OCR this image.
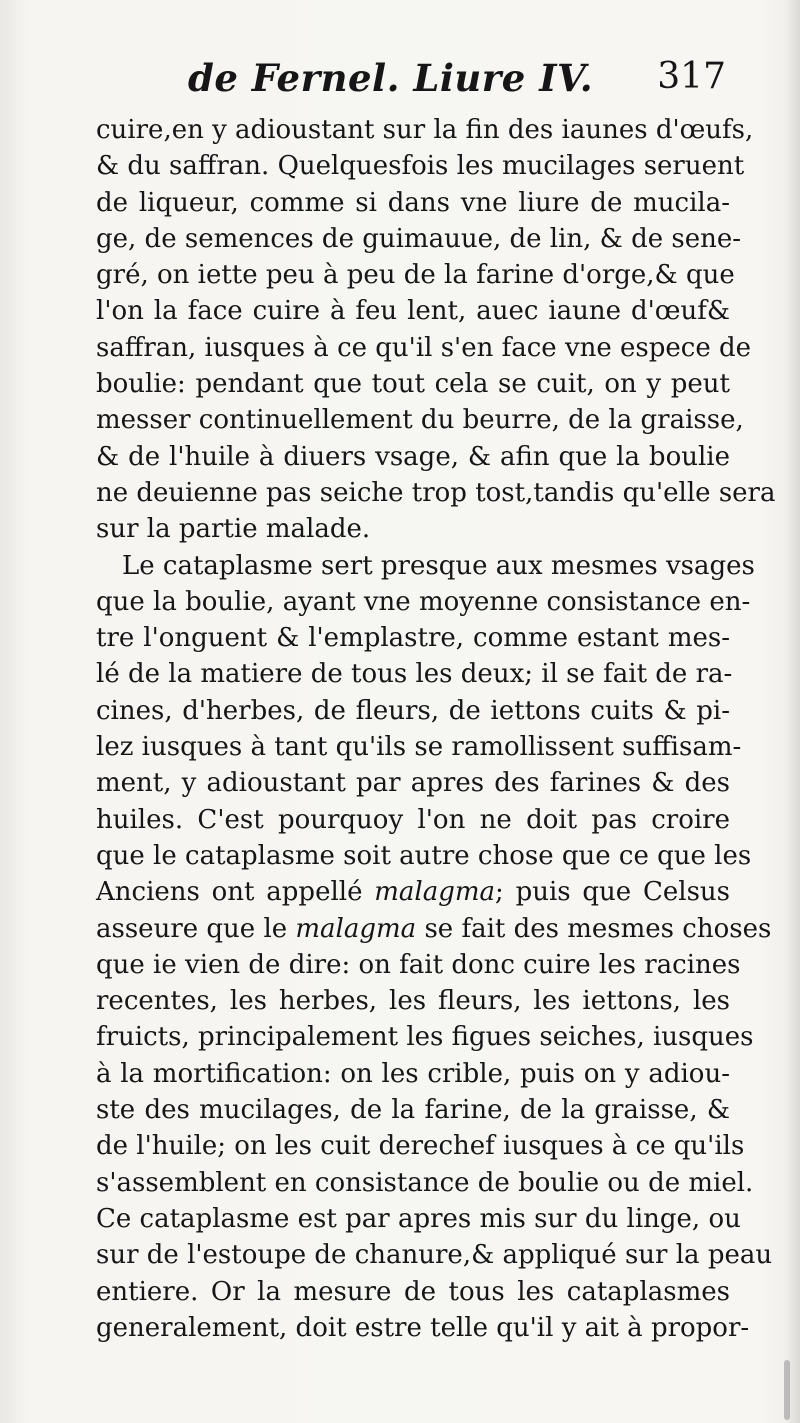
de Fernel. Liure IV. 317
cuire,en y adioustant sur la fin des iaunes d'œufs,
& du saffran. Quelquesfois les mucilages seruent
de liqueur, comme si dans vne liure de mucila-
ge, de semences de guimauue, de lin, & de sene-
gré, on iette peu à peu de la farine d'orge,& que
l'on la face cuire à feu lent, auec iaune d'œuf&
saffran, iusques à ce qu'il s'en face vne espece de
boulie: pendant que tout cela se cuit, on y peut
messer continuellement du beurre, de la graisse,
& de l'huile à diuers vsage, & afin que la boulie
ne deuienne pas seiche trop tost,tandis qu'elle sera
sur la partie malade.
Le cataplasme sert presque aux mesmes vsages
que la boulie, ayant vne moyenne consistance en-
tre l'onguent & l'emplastre, comme estant mes-
lé de la matiere de tous les deux; il se fait de ra-
cines, d'herbes, de fleurs, de iettons cuits & pi-
lez iusques à tant qu'ils se ramollissent suffisam-
ment, y adioustant par apres des farines & des
huiles. C'est pourquoy l'on ne doit pas croire
que le cataplasme soit autre chose que ce que les
Anciens ont appellé malagma; puis que Celsus
asseure que le malagma se fait des mesmes choses
que ie vien de dire: on fait donc cuire les racines
recentes, les herbes, les fleurs, les iettons, les
fruicts, principalement les figues seiches, iusques
à la mortification: on les crible, puis on y adiou-
ste des mucilages, de la farine, de la graisse, &
de l'huile; on les cuit derechef iusques à ce qu'ils
s'assemblent en consistance de boulie ou de miel.
Ce cataplasme est par apres mis sur du linge, ou
sur de l'estoupe de chanure,& appliqué sur la peau
entiere. Or la mesure de tous les cataplasmes
generalement, doit estre telle qu'il y ait à propor-
